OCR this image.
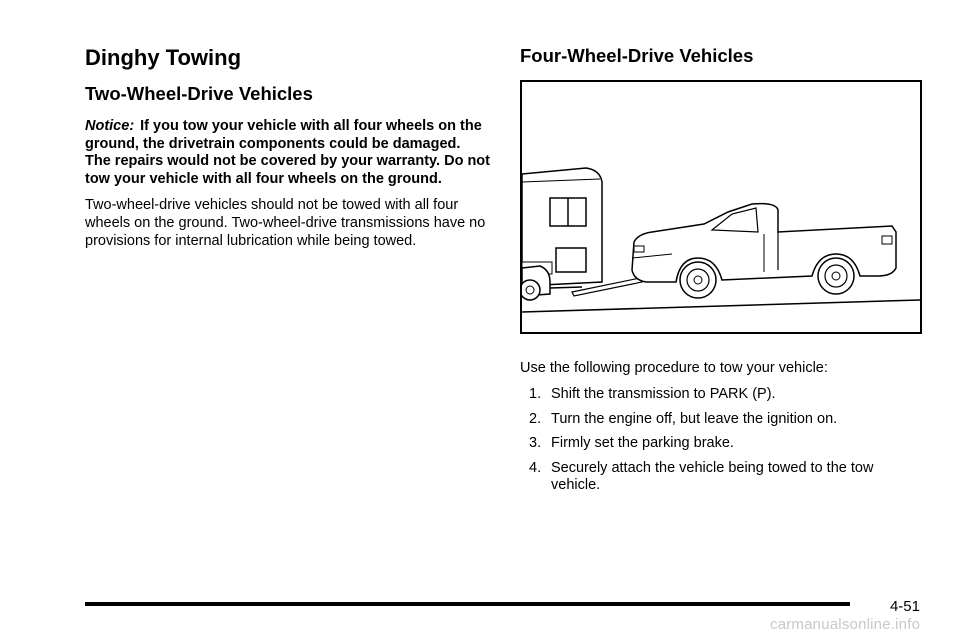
Dinghy Towing
Two-Wheel-Drive Vehicles

Notice: If you tow your vehicle with all four wheels on the ground, the drivetrain components could be damaged. The repairs would not be covered by your warranty. Do not tow your vehicle with all four wheels on the ground.

Two-wheel-drive vehicles should not be towed with all four wheels on the ground. Two-wheel-drive transmissions have no provisions for internal lubrication while being towed.

Four-Wheel-Drive Vehicles

Use the following procedure to tow your vehicle:

1. Shift the transmission to PARK (P).
2. Turn the engine off, but leave the ignition on.
3. Firmly set the parking brake.
4. Securely attach the vehicle being towed to the tow vehicle.
4-51
carmanualsonline.info
